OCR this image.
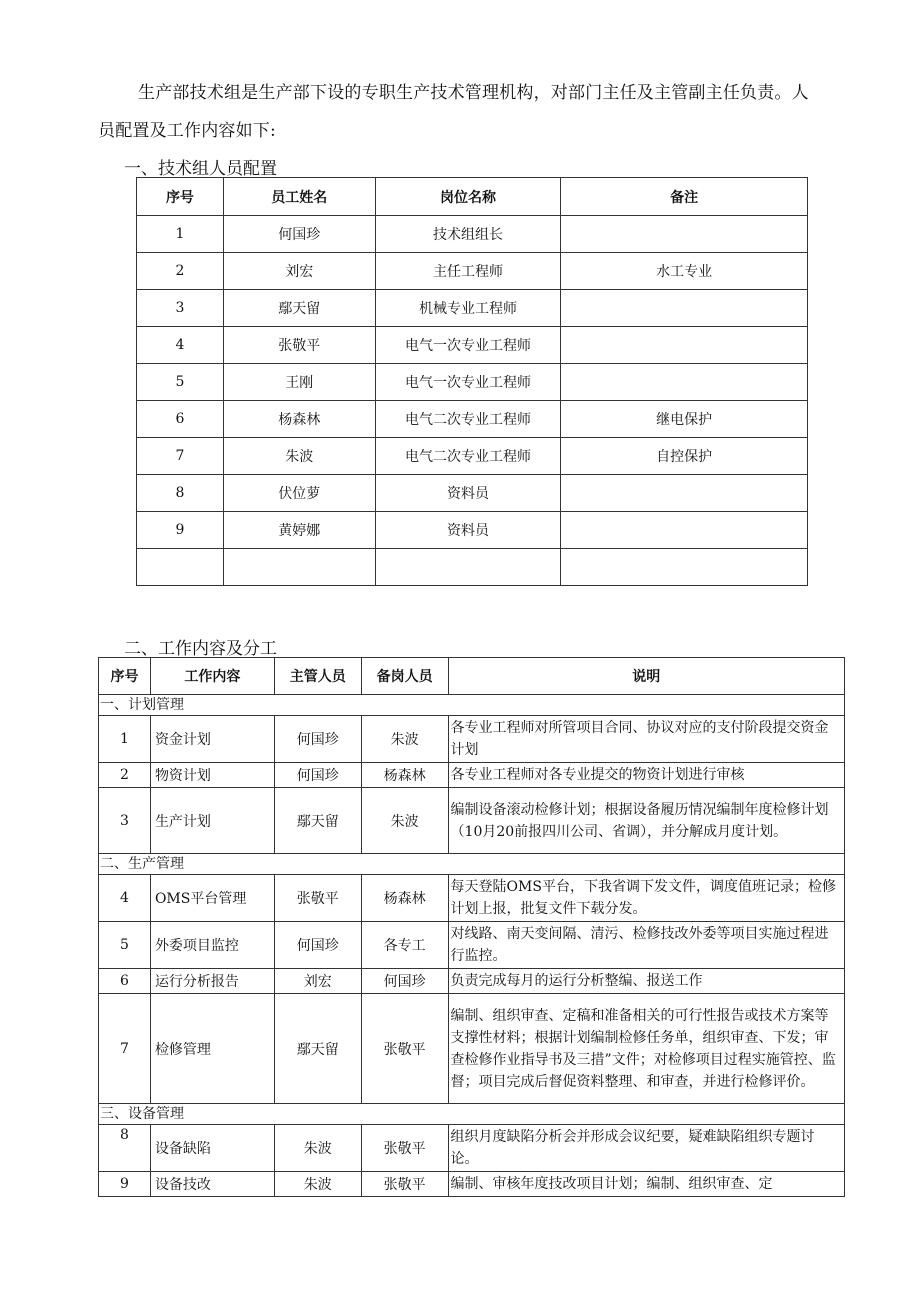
生产部技术组是生产部下设的专职生产技术管理机构，对部门主任及主管副主任负责。人员配置及工作内容如下:

一、技术组人员配置
序号	员工姓名	岗位名称	备注
1	何国珍	技术组组长	
2	刘宏	主任工程师	水工专业
3	鄢天留	机械专业工程师	
4	张敬平	电气一次专业工程师	
5	王刚	电气一次专业工程师	
6	杨森林	电气二次专业工程师	继电保护
7	朱波	电气二次专业工程师	自控保护
8	伏位萝	资料员	
9	黄婷娜	资料员	

二、工作内容及分工
序号	工作内容	主管人员	备岗人员	说明
一、计划管理				
1	资金计划	何国珍	朱波	各专业工程师对所管项目合同、协议对应的支付阶段提交资金计划
2	物资计划	何国珍	杨森林	各专业工程师对各专业提交的物资计划进行审核
3	生产计划	鄢天留	朱波	编制设备滚动检修计划；根据设备履历情况编制年度检修计划（10月20前报四川公司、省调），并分解成月度计划。
二、生产管理				
4	OMS平台管理	张敬平	杨森林	每天登陆OMS平台，下我省调下发文件，调度值班记录；检修计划上报，批复文件下载分发。
5	外委项目监控	何国珍	各专工	对线路、南天变间隔、清污、检修技改外委等项目实施过程进行监控。
6	运行分析报告	刘宏	何国珍	负责完成每月的运行分析整编、报送工作
7	检修管理	鄢天留	张敬平	编制、组织审查、定稿和准备相关的可行性报告或技术方案等支撑性材料；根据计划编制检修任务单，组织审查、下发；审查检修作业指导书及三措”文件；对检修项目过程实施管控、监督；项目完成后督促资料整理、和审查，并进行检修评价。
三、设备管理				
8	设备缺陷	朱波	张敬平	组织月度缺陷分析会并形成会议纪要，疑难缺陷组织专题讨论。
9	设备技改	朱波	张敬平	编制、审核年度技改项目计划；编制、组织审查、定
